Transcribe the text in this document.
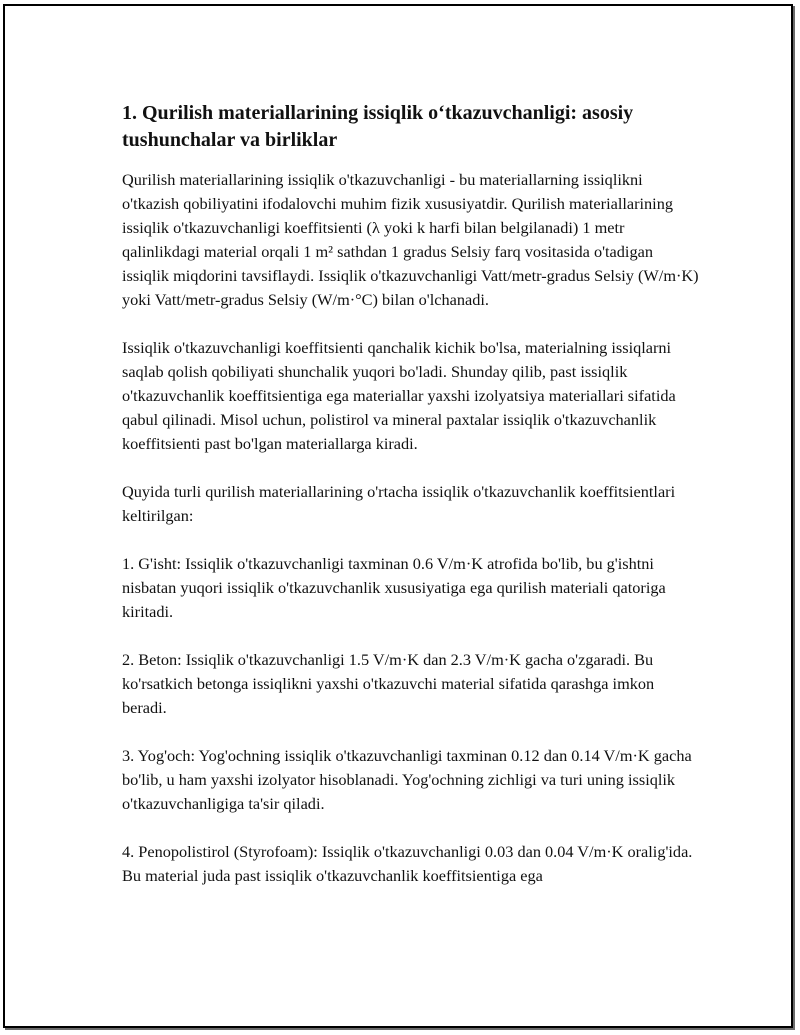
1. Qurilish materiallarining issiqlik o‘tkazuvchanligi: asosiy tushunchalar va birliklar

Qurilish materiallarining issiqlik o'tkazuvchanligi - bu materiallarning issiqlikni o'tkazish qobiliyatini ifodalovchi muhim fizik xususiyatdir. Qurilish materiallarining issiqlik o'tkazuvchanligi koeffitsienti (λ yoki k harfi bilan belgilanadi) 1 metr qalinlikdagi material orqali 1 m² sathdan 1 gradus Selsiy farq vositasida o'tadigan issiqlik miqdorini tavsiflaydi. Issiqlik o'tkazuvchanligi Vatt/metr-gradus Selsiy (W/m·K) yoki Vatt/metr-gradus Selsiy (W/m·°C) bilan o'lchanadi.

Issiqlik o'tkazuvchanligi koeffitsienti qanchalik kichik bo'lsa, materialning issiqlarni saqlab qolish qobiliyati shunchalik yuqori bo'ladi. Shunday qilib, past issiqlik o'tkazuvchanlik koeffitsientiga ega materiallar yaxshi izolyatsiya materiallari sifatida qabul qilinadi. Misol uchun, polistirol va mineral paxtalar issiqlik o'tkazuvchanlik koeffitsienti past bo'lgan materiallarga kiradi.

Quyida turli qurilish materiallarining o'rtacha issiqlik o'tkazuvchanlik koeffitsientlari keltirilgan:

1. G'isht: Issiqlik o'tkazuvchanligi taxminan 0.6 V/m·K atrofida bo'lib, bu g'ishtni nisbatan yuqori issiqlik o'tkazuvchanlik xususiyatiga ega qurilish materiali qatoriga kiritadi.

2. Beton: Issiqlik o'tkazuvchanligi 1.5 V/m·K dan 2.3 V/m·K gacha o'zgaradi. Bu ko'rsatkich betonga issiqlikni yaxshi o'tkazuvchi material sifatida qarashga imkon beradi.

3. Yog'och: Yog'ochning issiqlik o'tkazuvchanligi taxminan 0.12 dan 0.14 V/m·K gacha bo'lib, u ham yaxshi izolyator hisoblanadi. Yog'ochning zichligi va turi uning issiqlik o'tkazuvchanligiga ta'sir qiladi.

4. Penopolistirol (Styrofoam): Issiqlik o'tkazuvchanligi 0.03 dan 0.04 V/m·K oralig'ida. Bu material juda past issiqlik o'tkazuvchanlik koeffitsientiga ega
